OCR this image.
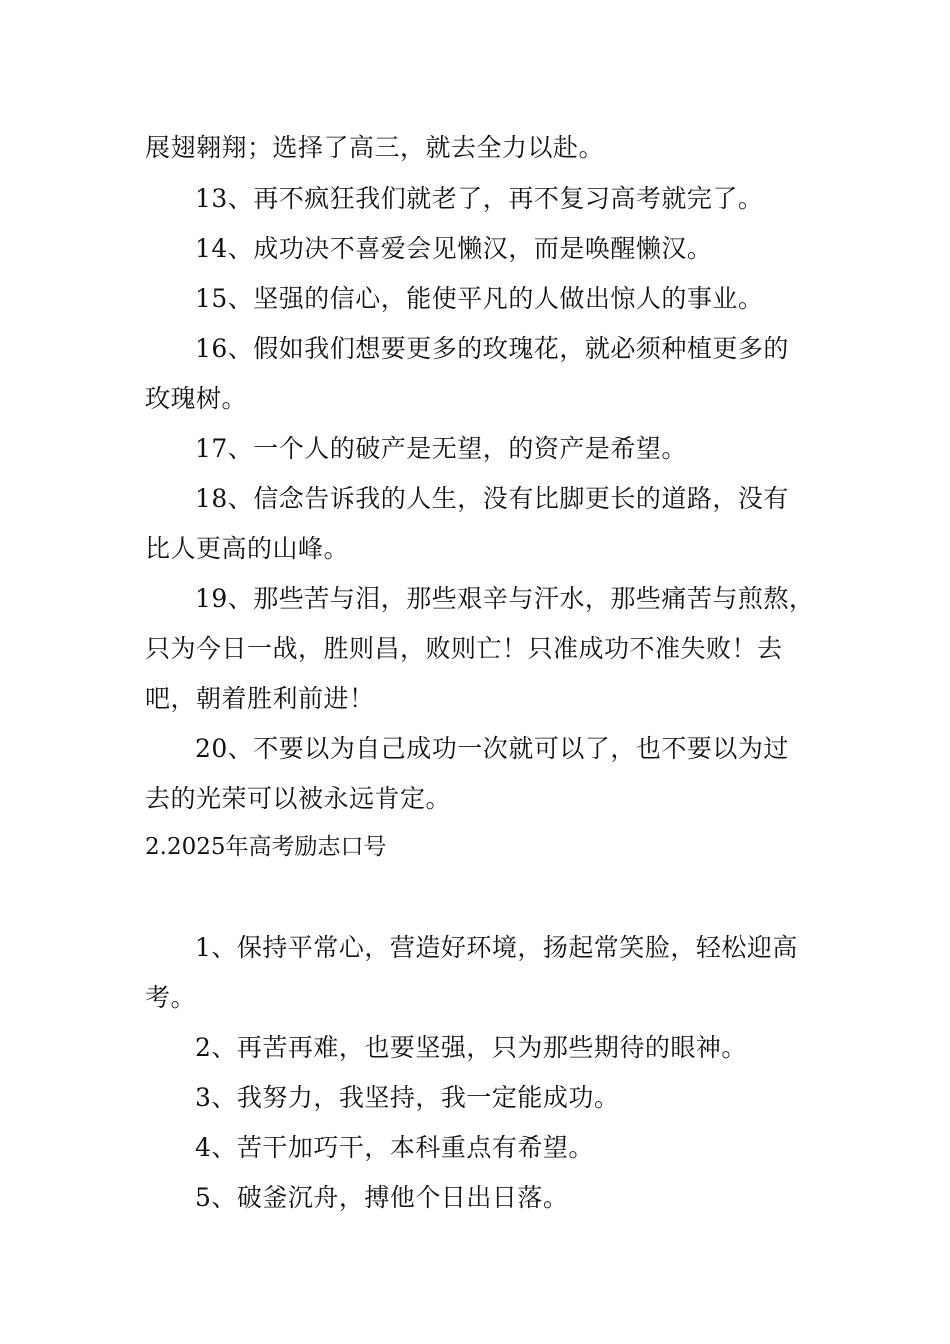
展翅翱翔；选择了高三，就去全力以赴。
13、再不疯狂我们就老了，再不复习高考就完了。
14、成功决不喜爱会见懒汉，而是唤醒懒汉。
15、坚强的信心，能使平凡的人做出惊人的事业。
16、假如我们想要更多的玫瑰花，就必须种植更多的
玫瑰树。
17、一个人的破产是无望，的资产是希望。
18、信念告诉我的人生，没有比脚更长的道路，没有
比人更高的山峰。
19、那些苦与泪，那些艰辛与汗水，那些痛苦与煎熬，
只为今日一战，胜则昌，败则亡！只准成功不准失败！去
吧，朝着胜利前进！
20、不要以为自己成功一次就可以了，也不要以为过
去的光荣可以被永远肯定。
2.2025年高考励志口号
1、保持平常心，营造好环境，扬起常笑脸，轻松迎高
考。
2、再苦再难，也要坚强，只为那些期待的眼神。
3、我努力，我坚持，我一定能成功。
4、苦干加巧干，本科重点有希望。
5、破釜沉舟，搏他个日出日落。
